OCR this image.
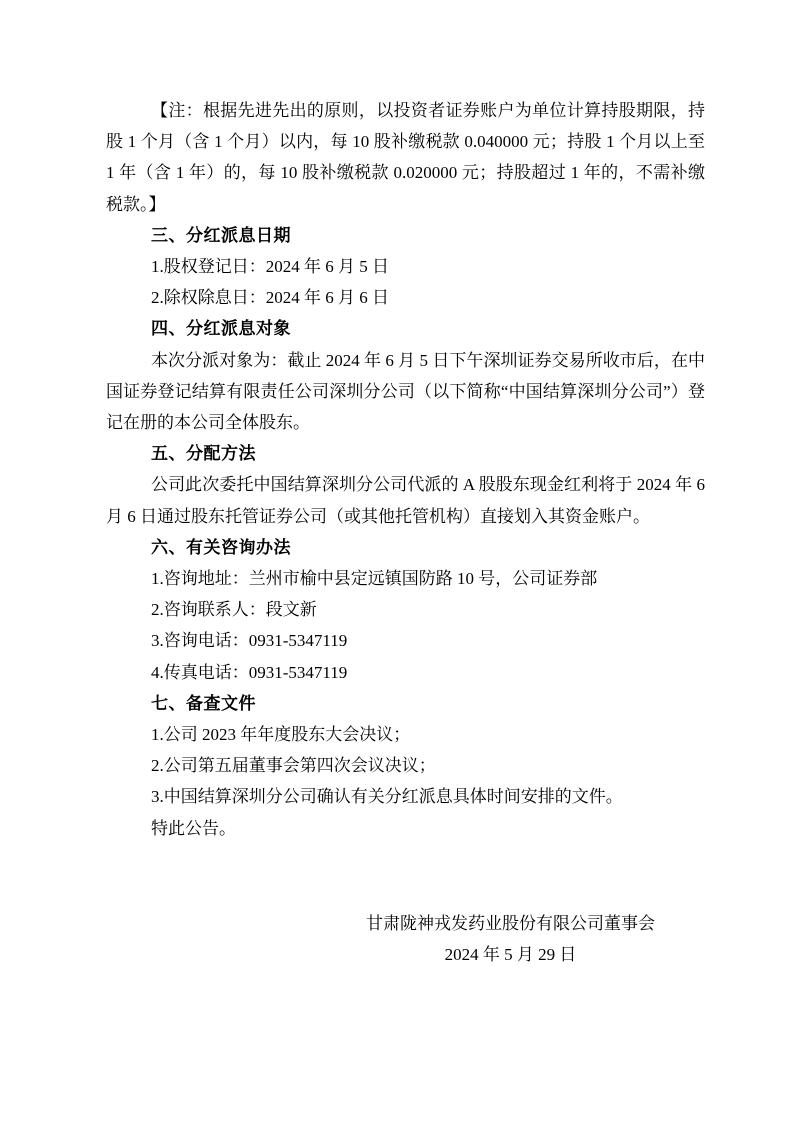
【注：根据先进先出的原则，以投资者证券账户为单位计算持股期限，持股 1 个月（含 1 个月）以内，每 10 股补缴税款 0.040000 元；持股 1 个月以上至 1 年（含 1 年）的，每 10 股补缴税款 0.020000 元；持股超过 1 年的，不需补缴税款。】

三、分红派息日期

1.股权登记日：2024 年 6 月 5 日

2.除权除息日：2024 年 6 月 6 日

四、分红派息对象

本次分派对象为：截止 2024 年 6 月 5 日下午深圳证券交易所收市后，在中国证券登记结算有限责任公司深圳分公司（以下简称“中国结算深圳分公司”）登记在册的本公司全体股东。

五、分配方法

公司此次委托中国结算深圳分公司代派的 A 股股东现金红利将于 2024 年 6 月 6 日通过股东托管证券公司（或其他托管机构）直接划入其资金账户。

六、有关咨询办法

1.咨询地址：兰州市榆中县定远镇国防路 10 号，公司证券部

2.咨询联系人：段文新

3.咨询电话：0931-5347119

4.传真电话：0931-5347119

七、备查文件

1.公司 2023 年年度股东大会决议；

2.公司第五届董事会第四次会议决议；

3.中国结算深圳分公司确认有关分红派息具体时间安排的文件。

特此公告。

甘肃陇神戎发药业股份有限公司董事会

2024 年 5 月 29 日
